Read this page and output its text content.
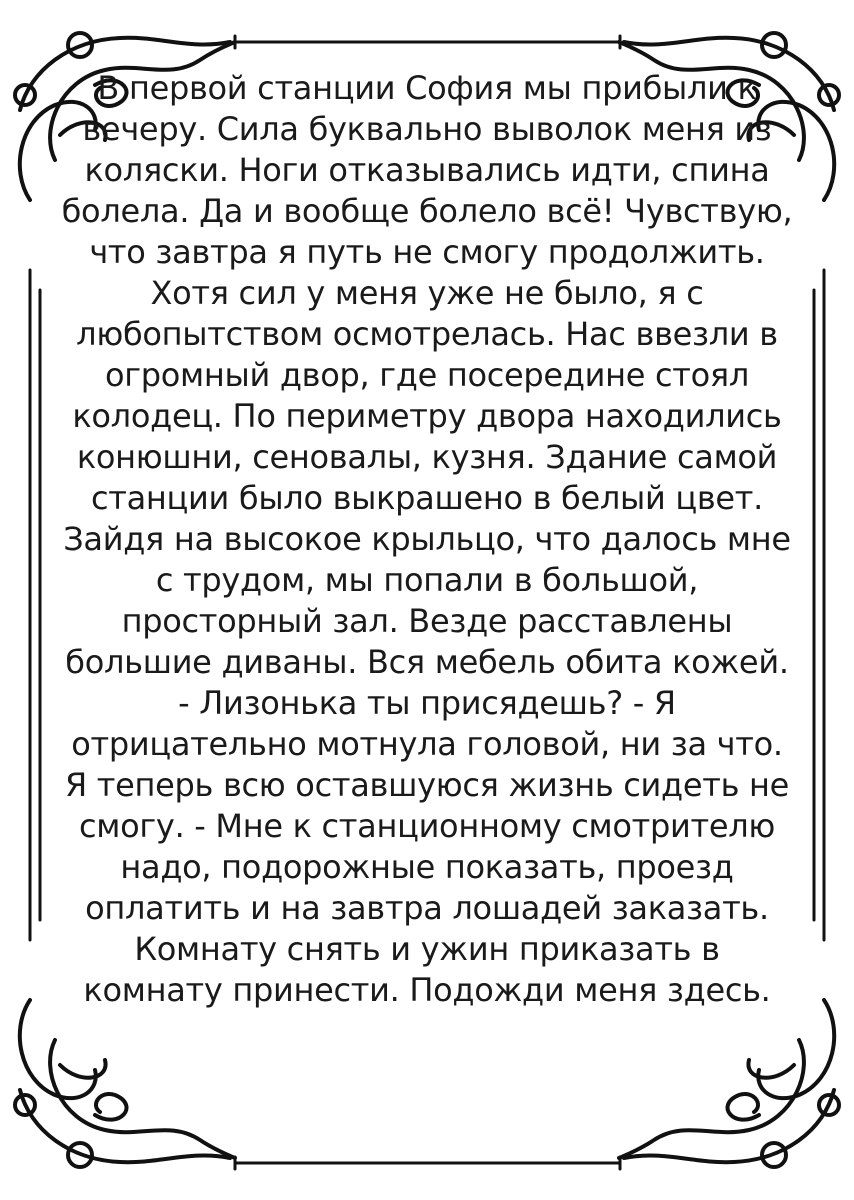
В первой станции София мы прибыли к вечеру. Сила буквально выволок меня из коляски. Ноги отказывались идти, спина болела. Да и вообще болело всё! Чувствую, что завтра я путь не смогу продолжить.
Хотя сил у меня уже не было, я с любопытством осмотрелась. Нас ввезли в огромный двор, где посередине стоял колодец. По периметру двора находились конюшни, сеновалы, кузня. Здание самой станции было выкрашено в белый цвет. Зайдя на высокое крыльцо, что далось мне с трудом, мы попали в большой, просторный зал. Везде расставлены большие диваны. Вся мебель обита кожей.
- Лизонька ты присядешь? - Я отрицательно мотнула головой, ни за что. Я теперь всю оставшуюся жизнь сидеть не смогу. - Мне к станционному смотрителю надо, подорожные показать, проезд оплатить и на завтра лошадей заказать. Комнату снять и ужин приказать в комнату принести. Подожди меня здесь.
